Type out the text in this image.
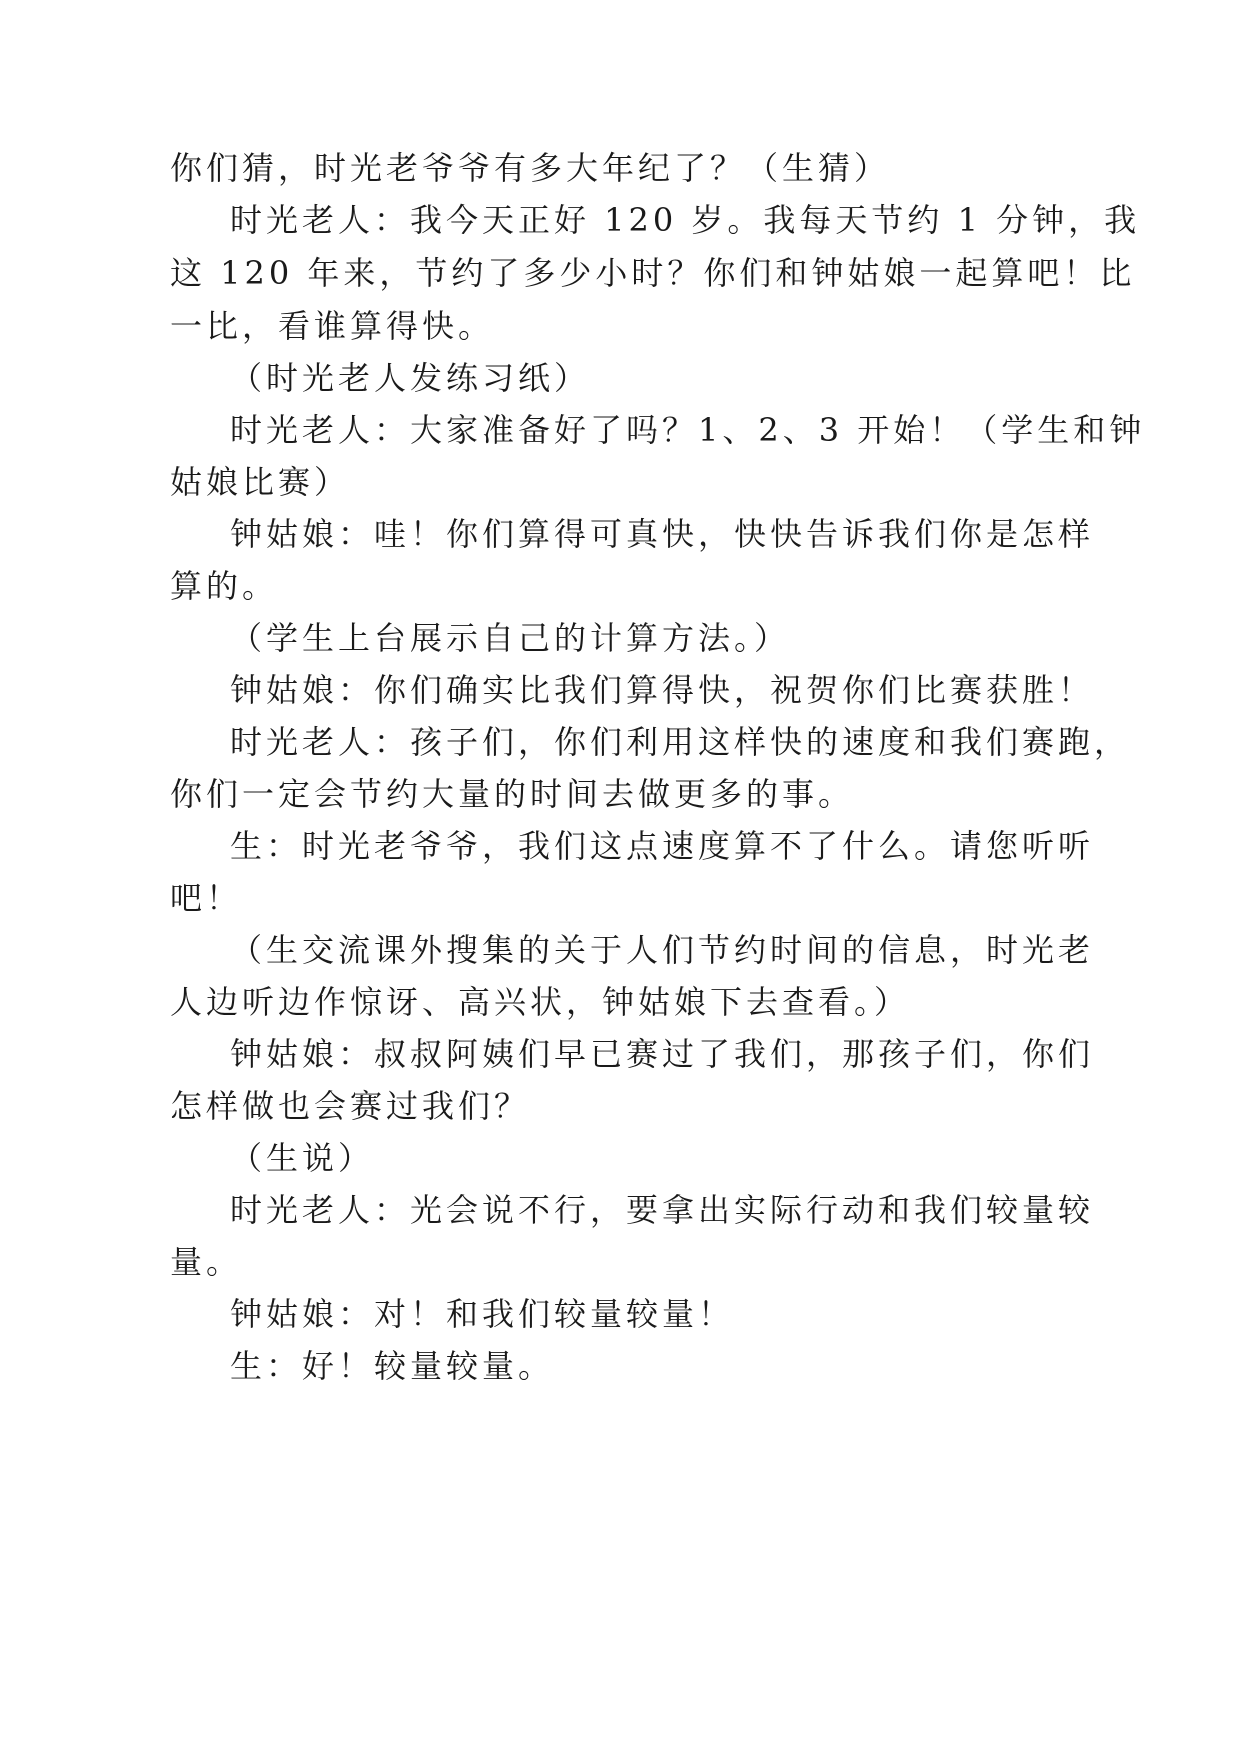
你们猜，时光老爷爷有多大年纪了？（生猜）
时光老人：我今天正好 120 岁。我每天节约 1 分钟，我
这 120 年来，节约了多少小时？你们和钟姑娘一起算吧！比
一比，看谁算得快。
（时光老人发练习纸）
时光老人：大家准备好了吗？1、2、3 开始！（学生和钟
姑娘比赛）
钟姑娘：哇！你们算得可真快，快快告诉我们你是怎样
算的。
（学生上台展示自己的计算方法。）
钟姑娘：你们确实比我们算得快，祝贺你们比赛获胜！
时光老人：孩子们，你们利用这样快的速度和我们赛跑，
你们一定会节约大量的时间去做更多的事。
生：时光老爷爷，我们这点速度算不了什么。请您听听
吧！
（生交流课外搜集的关于人们节约时间的信息，时光老
人边听边作惊讶、高兴状，钟姑娘下去查看。）
钟姑娘：叔叔阿姨们早已赛过了我们，那孩子们，你们
怎样做也会赛过我们？
（生说）
时光老人：光会说不行，要拿出实际行动和我们较量较
量。
钟姑娘：对！和我们较量较量！
生：好！较量较量。
